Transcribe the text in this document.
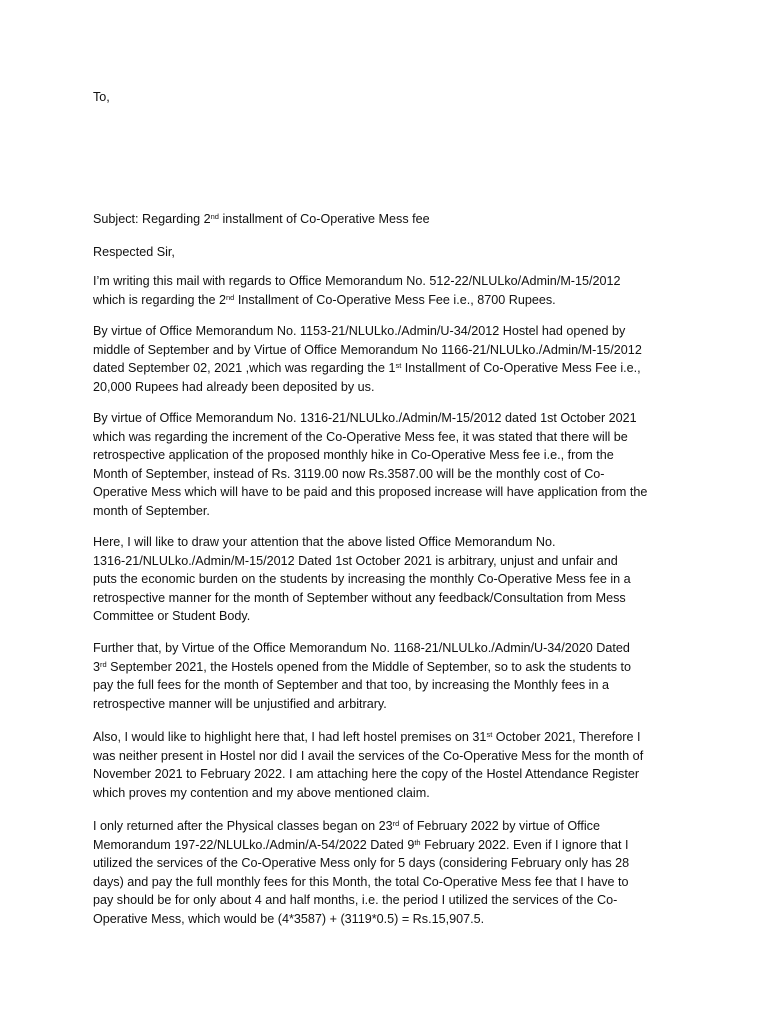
To,
Subject: Regarding 2nd installment of Co-Operative Mess fee
Respected Sir,
I’m writing this mail with regards to Office Memorandum No. 512-22/NLULko/Admin/M-15/2012
which is regarding the 2nd Installment of Co-Operative Mess Fee i.e., 8700 Rupees.
By virtue of Office Memorandum No. 1153-21/NLULko./Admin/U-34/2012 Hostel had opened by
middle of September and by Virtue of Office Memorandum No 1166-21/NLULko./Admin/M-15/2012
dated September 02, 2021 ,which was regarding the 1st Installment of Co-Operative Mess Fee i.e.,
20,000 Rupees had already been deposited by us.
By virtue of Office Memorandum No. 1316-21/NLULko./Admin/M-15/2012 dated 1st October 2021
which was regarding the increment of the Co-Operative Mess fee, it was stated that there will be
retrospective application of the proposed monthly hike in Co-Operative Mess fee i.e., from the
Month of September, instead of Rs. 3119.00 now Rs.3587.00 will be the monthly cost of Co-
Operative Mess which will have to be paid and this proposed increase will have application from the
month of September.
Here, I will like to draw your attention that the above listed Office Memorandum No.
1316-21/NLULko./Admin/M-15/2012 Dated 1st October 2021 is arbitrary, unjust and unfair and
puts the economic burden on the students by increasing the monthly Co-Operative Mess fee in a
retrospective manner for the month of September without any feedback/Consultation from Mess
Committee or Student Body.
Further that, by Virtue of the Office Memorandum No. 1168-21/NLULko./Admin/U-34/2020 Dated
3rd September 2021, the Hostels opened from the Middle of September, so to ask the students to
pay the full fees for the month of September and that too, by increasing the Monthly fees in a
retrospective manner will be unjustified and arbitrary.
Also, I would like to highlight here that, I had left hostel premises on 31st October 2021, Therefore I
was neither present in Hostel nor did I avail the services of the Co-Operative Mess for the month of
November 2021 to February 2022. I am attaching here the copy of the Hostel Attendance Register
which proves my contention and my above mentioned claim.
I only returned after the Physical classes began on 23rd of February 2022 by virtue of Office
Memorandum 197-22/NLULko./Admin/A-54/2022 Dated 9th February 2022. Even if I ignore that I
utilized the services of the Co-Operative Mess only for 5 days (considering February only has 28
days) and pay the full monthly fees for this Month, the total Co-Operative Mess fee that I have to
pay should be for only about 4 and half months, i.e. the period I utilized the services of the Co-
Operative Mess, which would be (4*3587) + (3119*0.5) = Rs.15,907.5.
